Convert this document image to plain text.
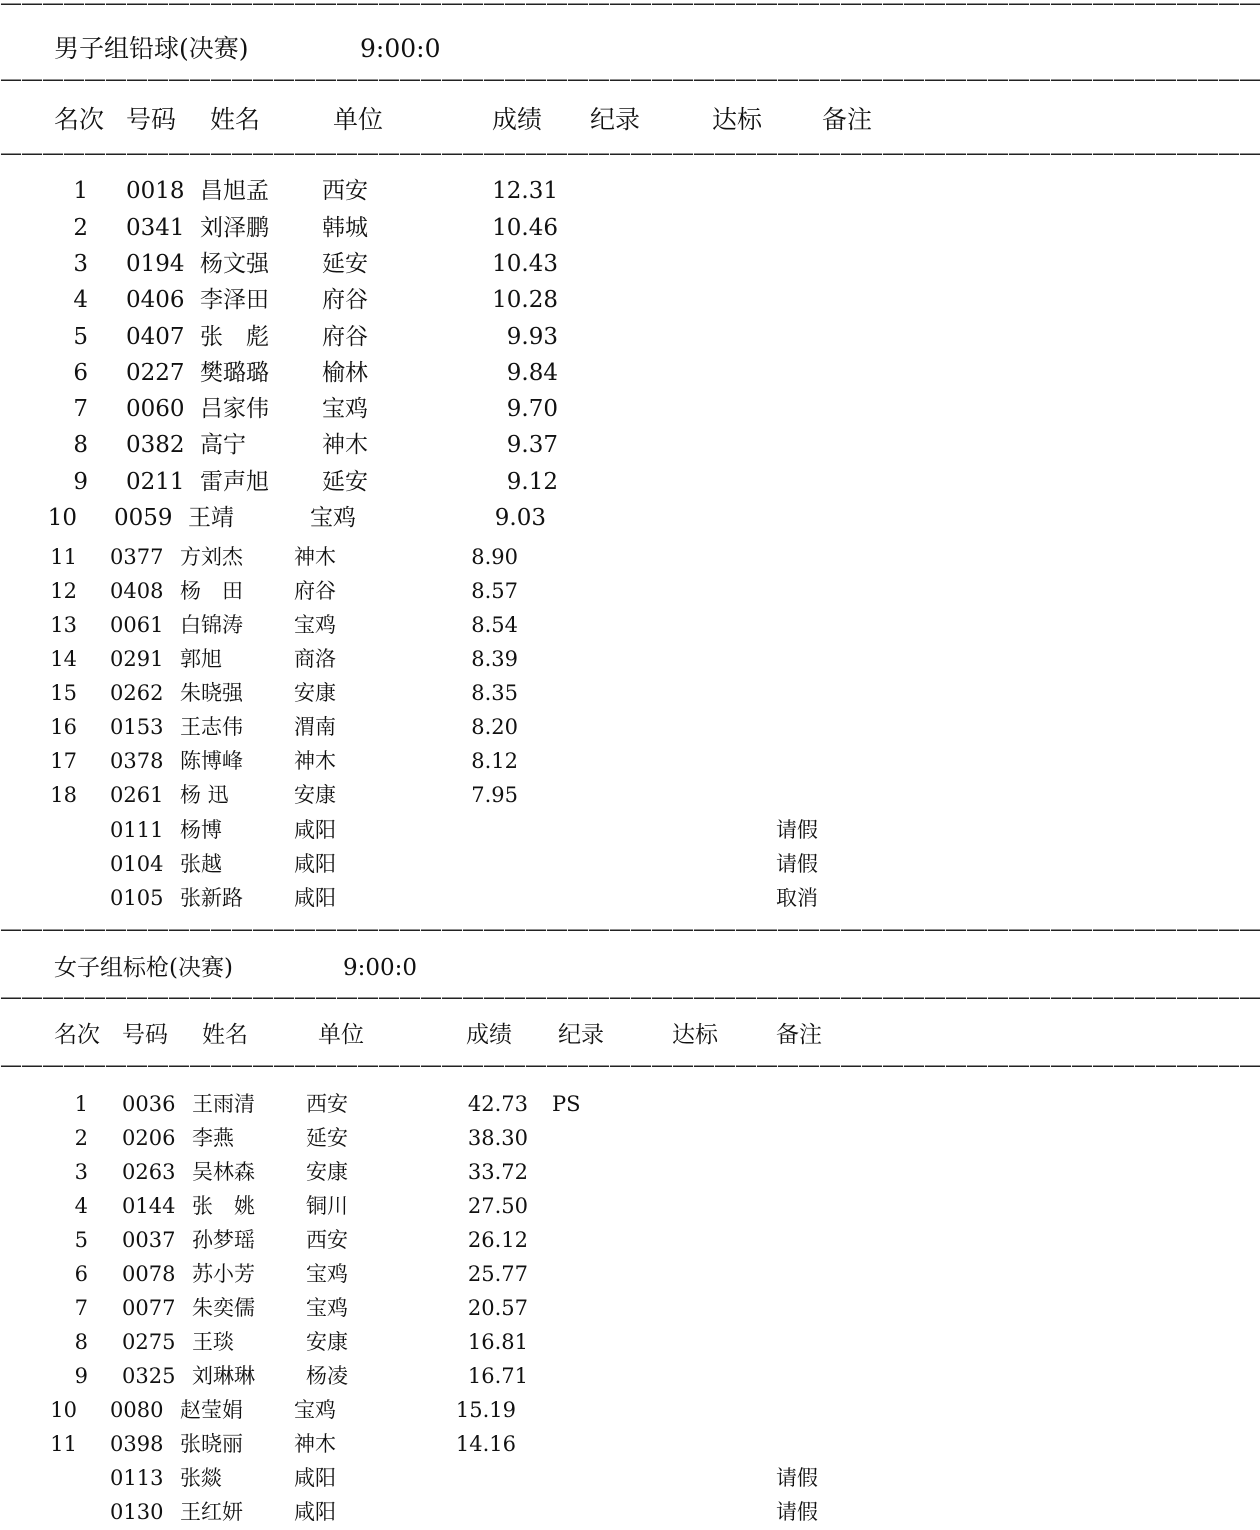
————————————————————————————————————————————————————————————
男子组铅球(决赛)	9:00:0
————————————————————————————————————————————————————————————
名次 号码 姓名	单位	成绩 纪录	达标 备注
————————————————————————————————————————————————————————————
1 0018 昌旭孟 西安	12.31
2 0341 刘泽鹏 韩城	10.46
3 0194 杨文强 延安	10.43
4 0406 李泽田 府谷	10.28
5 0407 张　彪 府谷	9.93
6 0227 樊璐璐 榆林	9.84
7 0060 吕家伟 宝鸡	9.70
8 0382 高宁	神木	9.37
9 0211 雷声旭 延安	9.12
10 0059 王靖	宝鸡	9.03
11 0377 方刘杰 神木	8.90
12 0408 杨　田 府谷	8.57
13 0061 白锦涛 宝鸡	8.54
14 0291 郭旭	商洛	8.39
15 0262 朱晓强 安康	8.35
16 0153 王志伟 渭南	8.20
17 0378 陈博峰 神木	8.12
18 0261 杨 迅	安康	7.95
0111 杨博	咸阳	请假
0104 张越	咸阳	请假
0105 张新路 咸阳	取消
————————————————————————————————————————————————————————————
女子组标枪(决赛)	9:00:0
————————————————————————————————————————————————————————————
名次 号码 姓名	单位	成绩 纪录	达标	备注
————————————————————————————————————————————————————————————
1 0036 王雨清 西安	42.73 PS
2 0206 李燕	延安	38.30
3 0263 吴林森 安康	33.72
4 0144 张　姚 铜川	27.50
5 0037 孙梦瑶 西安	26.12
6 0078 苏小芳 宝鸡	25.77
7 0077 朱奕儒 宝鸡	20.57
8 0275 王琰	安康	16.81
9 0325 刘琳琳 杨凌	16.71
10 0080 赵莹娟 宝鸡	15.19
11 0398 张晓丽 神木	14.16
0113 张燚	咸阳	请假
0130 王红妍 咸阳	请假
